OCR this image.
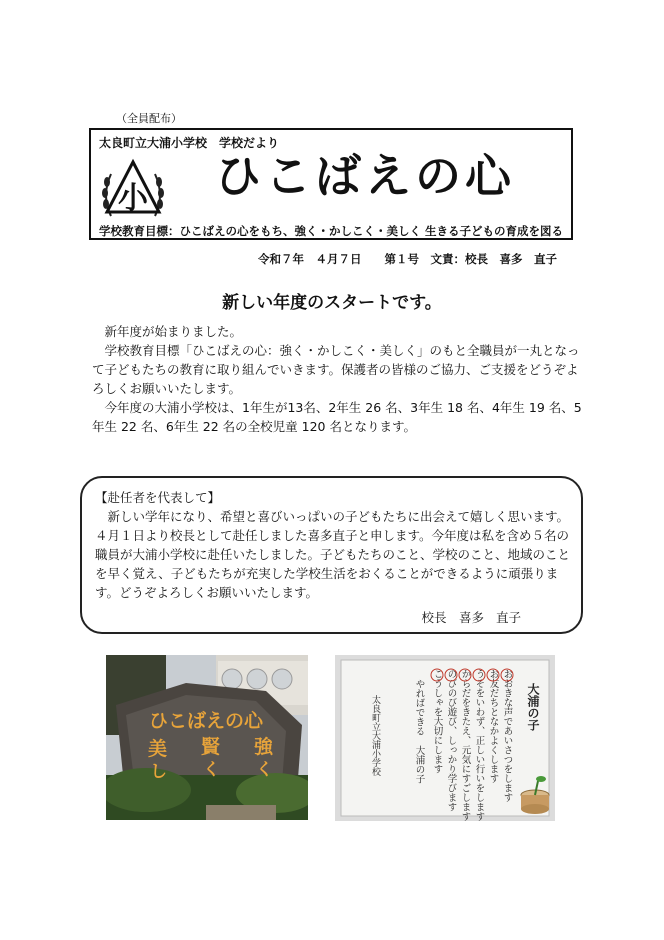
（全員配布）
太良町立大浦小学校　学校だより
小 ひこばえの心
学校教育目標：ひこばえの心をもち、強く・かしこく・美しく 生きる子どもの育成を図る
令和７年　４月７日　　第１号　文責：校長　喜多　直子
新しい年度のスタートです。

新年度が始まりました。

学校教育目標「ひこばえの心：強く・かしこく・美しく」のもと全職員が一丸となって子どもたちの教育に取り組んでいきます。保護者の皆様のご協力、ご支援をどうぞよろしくお願いいたします。

今年度の大浦小学校は、1年生が13名、2年生 26 名、3年生 18 名、4年生 19 名、5年生 22 名、6年生 22 名の全校児童 120 名となります。

【赴任者を代表して】

新しい学年になり、希望と喜びいっぱいの子どもたちに出会えて嬉しく思います。４月１日より校長として赴任しました喜多直子と申します。今年度は私を含め５名の職員が大浦小学校に赴任いたしました。子どもたちのこと、学校のこと、地域のことを早く覚え、子どもたちが充実した学校生活をおくることができるように頑張ります。どうぞよろしくお願いいたします。

校長　喜多 直子
ひこばえの心
美 賢 強
し く く
大浦の子
おおきな声であいさつをします
お友だちとなかよくします
うそをいわず、正しい行いをします
からだをきたえ、元気にすごします
のびのび遊び、しっかり学びます
こうしゃを大切にします
やればできる　大浦の子
太良町立大浦小学校
